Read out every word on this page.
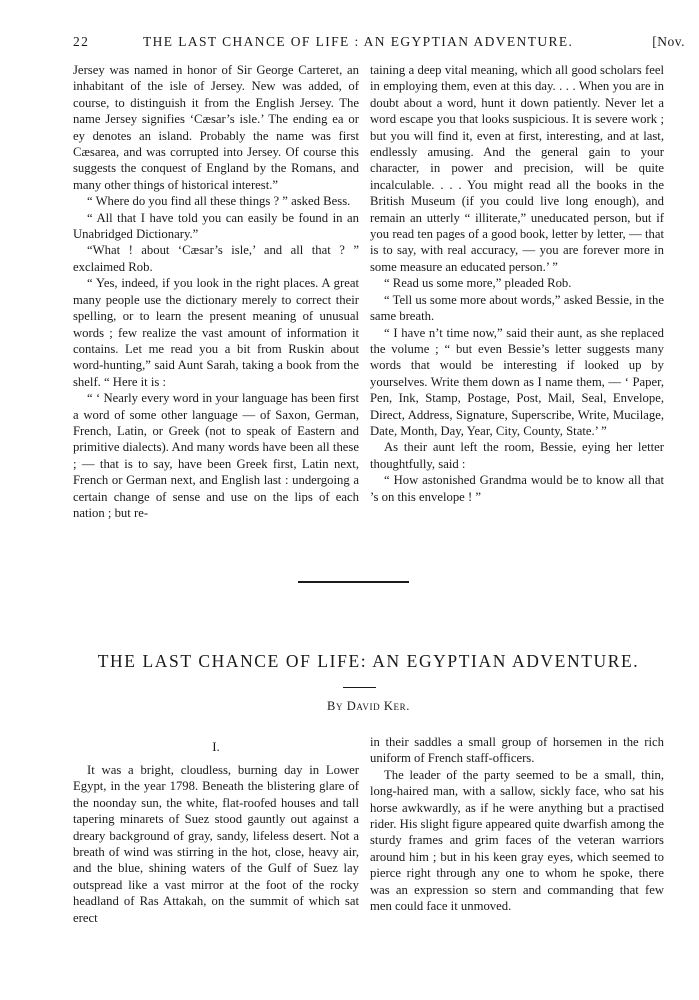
22	THE LAST CHANCE OF LIFE : AN EGYPTIAN ADVENTURE.	[Nov.

Jersey was named in honor of Sir George Carteret, an inhabitant of the isle of Jersey. New was added, of course, to distinguish it from the English Jersey. The name Jersey signifies ‘Cæsar’s isle.’ The ending ea or ey denotes an island. Probably the name was first Cæsarea, and was corrupted into Jersey. Of course this suggests the conquest of England by the Romans, and many other things of historical interest.”

“ Where do you find all these things ? ” asked Bess.

“ All that I have told you can easily be found in an Unabridged Dictionary.”

“What ! about ‘Cæsar’s isle,’ and all that ? ” exclaimed Rob.

“ Yes, indeed, if you look in the right places. A great many people use the dictionary merely to correct their spelling, or to learn the present meaning of unusual words ; few realize the vast amount of information it contains. Let me read you a bit from Ruskin about word-hunting,” said Aunt Sarah, taking a book from the shelf. “ Here it is :

“ ‘ Nearly every word in your language has been first a word of some other language — of Saxon, German, French, Latin, or Greek (not to speak of Eastern and primitive dialects). And many words have been all these ; — that is to say, have been Greek first, Latin next, French or German next, and English last : undergoing a certain change of sense and use on the lips of each nation ; but re-

taining a deep vital meaning, which all good scholars feel in employing them, even at this day. . . . When you are in doubt about a word, hunt it down patiently. Never let a word escape you that looks suspicious. It is severe work ; but you will find it, even at first, interesting, and at last, endlessly amusing. And the general gain to your character, in power and precision, will be quite incalculable. . . . You might read all the books in the British Museum (if you could live long enough), and remain an utterly “ illiterate,” uneducated person, but if you read ten pages of a good book, letter by letter, — that is to say, with real accuracy, — you are forever more in some measure an educated person.’ ”

“ Read us some more,” pleaded Rob.

“ Tell us some more about words,” asked Bessie, in the same breath.

“ I have n’t time now,” said their aunt, as she replaced the volume ; “ but even Bessie’s letter suggests many words that would be interesting if looked up by yourselves. Write them down as I name them, — ‘ Paper, Pen, Ink, Stamp, Postage, Post, Mail, Seal, Envelope, Direct, Address, Signature, Superscribe, Write, Mucilage, Date, Month, Day, Year, City, County, State.’ ”

As their aunt left the room, Bessie, eying her letter thoughtfully, said :

“ How astonished Grandma would be to know all that ’s on this envelope ! ”

THE LAST CHANCE OF LIFE: AN EGYPTIAN ADVENTURE.
By David Ker.
I.

It was a bright, cloudless, burning day in Lower Egypt, in the year 1798. Beneath the blistering glare of the noonday sun, the white, flat-roofed houses and tall tapering minarets of Suez stood gauntly out against a dreary background of gray, sandy, lifeless desert. Not a breath of wind was stirring in the hot, close, heavy air, and the blue, shining waters of the Gulf of Suez lay outspread like a vast mirror at the foot of the rocky headland of Ras Attakah, on the summit of which sat erect

in their saddles a small group of horsemen in the rich uniform of French staff-officers.

The leader of the party seemed to be a small, thin, long-haired man, with a sallow, sickly face, who sat his horse awkwardly, as if he were anything but a practised rider. His slight figure appeared quite dwarfish among the sturdy frames and grim faces of the veteran warriors around him ; but in his keen gray eyes, which seemed to pierce right through any one to whom he spoke, there was an expression so stern and commanding that few men could face it unmoved.
